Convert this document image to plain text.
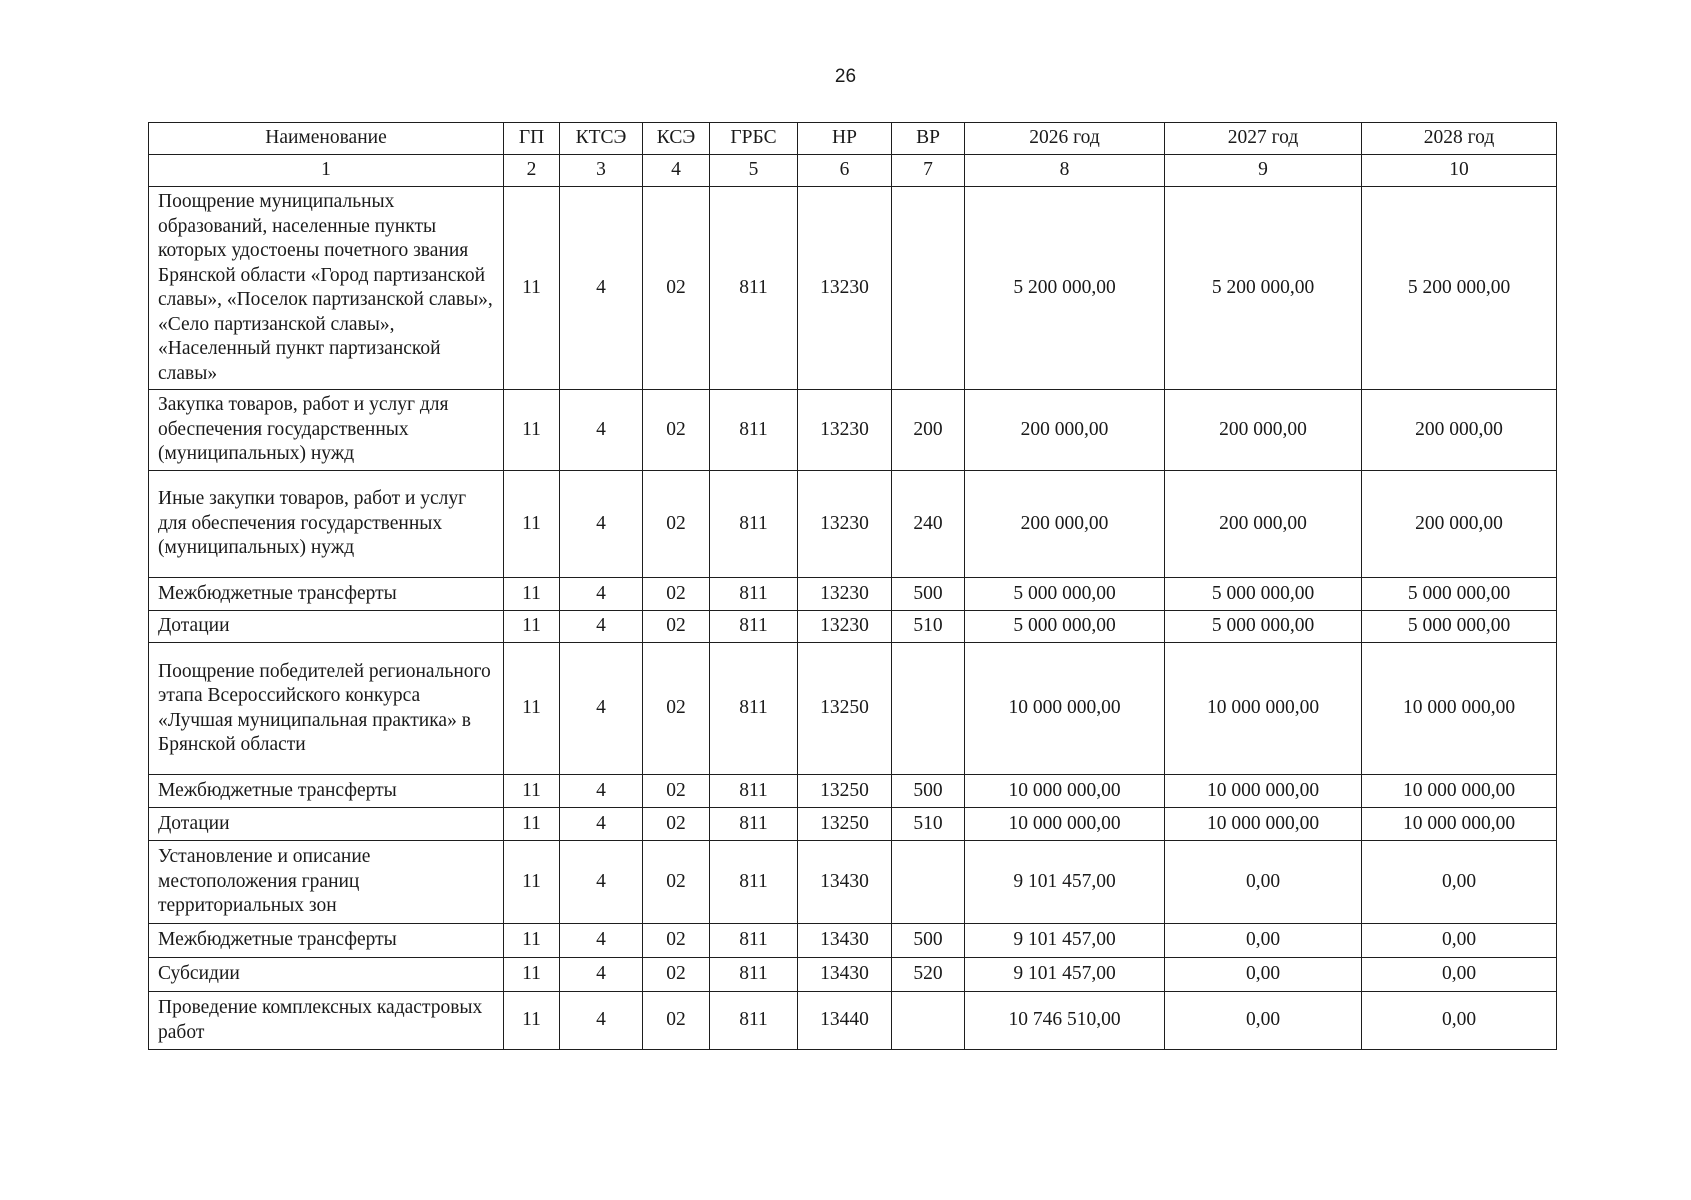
26
Наименование	ГП	КТСЭ	КСЭ	ГРБС	НР	ВР	2026 год	2027 год	2028 год
1	2	3	4	5	6	7	8	9	10
Поощрение муниципальных образований, населенные пункты которых удостоены почетного звания Брянской области «Город партизанской славы», «Поселок партизанской славы», «Село партизанской славы», «Населенный пункт партизанской славы»	11	4	02	811	13230		5 200 000,00	5 200 000,00	5 200 000,00
Закупка товаров, работ и услуг для обеспечения государственных (муниципальных) нужд	11	4	02	811	13230	200	200 000,00	200 000,00	200 000,00
Иные закупки товаров, работ и услуг для обеспечения государственных (муниципальных) нужд	11	4	02	811	13230	240	200 000,00	200 000,00	200 000,00
Межбюджетные трансферты	11	4	02	811	13230	500	5 000 000,00	5 000 000,00	5 000 000,00
Дотации	11	4	02	811	13230	510	5 000 000,00	5 000 000,00	5 000 000,00
Поощрение победителей регионального этапа Всероссийского конкурса «Лучшая муниципальная практика» в Брянской области	11	4	02	811	13250		10 000 000,00	10 000 000,00	10 000 000,00
Межбюджетные трансферты	11	4	02	811	13250	500	10 000 000,00	10 000 000,00	10 000 000,00
Дотации	11	4	02	811	13250	510	10 000 000,00	10 000 000,00	10 000 000,00
Установление и описание местоположения границ территориальных зон	11	4	02	811	13430		9 101 457,00	0,00	0,00
Межбюджетные трансферты	11	4	02	811	13430	500	9 101 457,00	0,00	0,00
Субсидии	11	4	02	811	13430	520	9 101 457,00	0,00	0,00
Проведение комплексных кадастровых работ	11	4	02	811	13440		10 746 510,00	0,00	0,00
